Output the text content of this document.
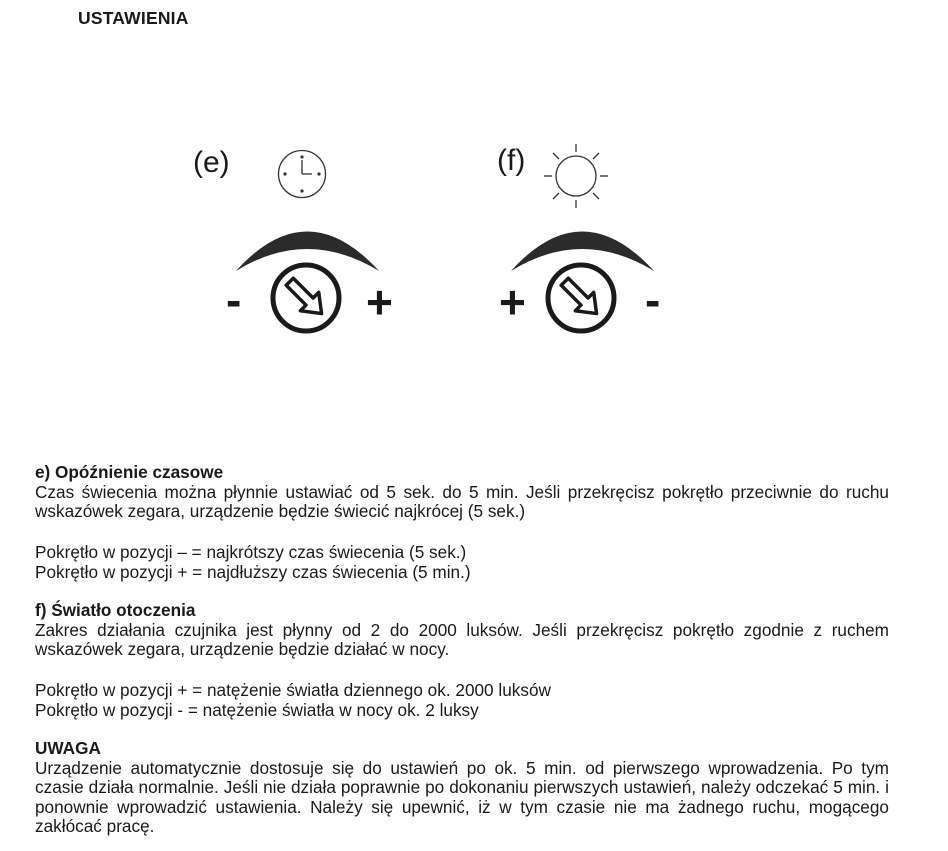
USTAWIENIA
(e)
-	+
(f)
+	-
e) Opóźnienie czasowe

Czas świecenia można płynnie ustawiać od 5 sek. do 5 min. Jeśli przekręcisz pokrętło przeciwnie do ruchu wskazówek zegara, urządzenie będzie świecić najkrócej (5 sek.)

Pokrętło w pozycji – = najkrótszy czas świecenia (5 sek.)
Pokrętło w pozycji + = najdłuższy czas świecenia (5 min.)
f) Światło otoczenia

Zakres działania czujnika jest płynny od 2 do 2000 luksów. Jeśli przekręcisz pokrętło zgodnie z ruchem wskazówek zegara, urządzenie będzie działać w nocy.

Pokrętło w pozycji + = natężenie światła dziennego ok. 2000 luksów
Pokrętło w pozycji - = natężenie światła w nocy ok. 2 luksy
UWAGA

Urządzenie automatycznie dostosuje się do ustawień po ok. 5 min. od pierwszego wprowadzenia. Po tym czasie działa normalnie. Jeśli nie działa poprawnie po dokonaniu pierwszych ustawień, należy odczekać 5 min. i ponownie wprowadzić ustawienia. Należy się upewnić, iż w tym czasie nie ma żadnego ruchu, mogącego zakłócać pracę.
